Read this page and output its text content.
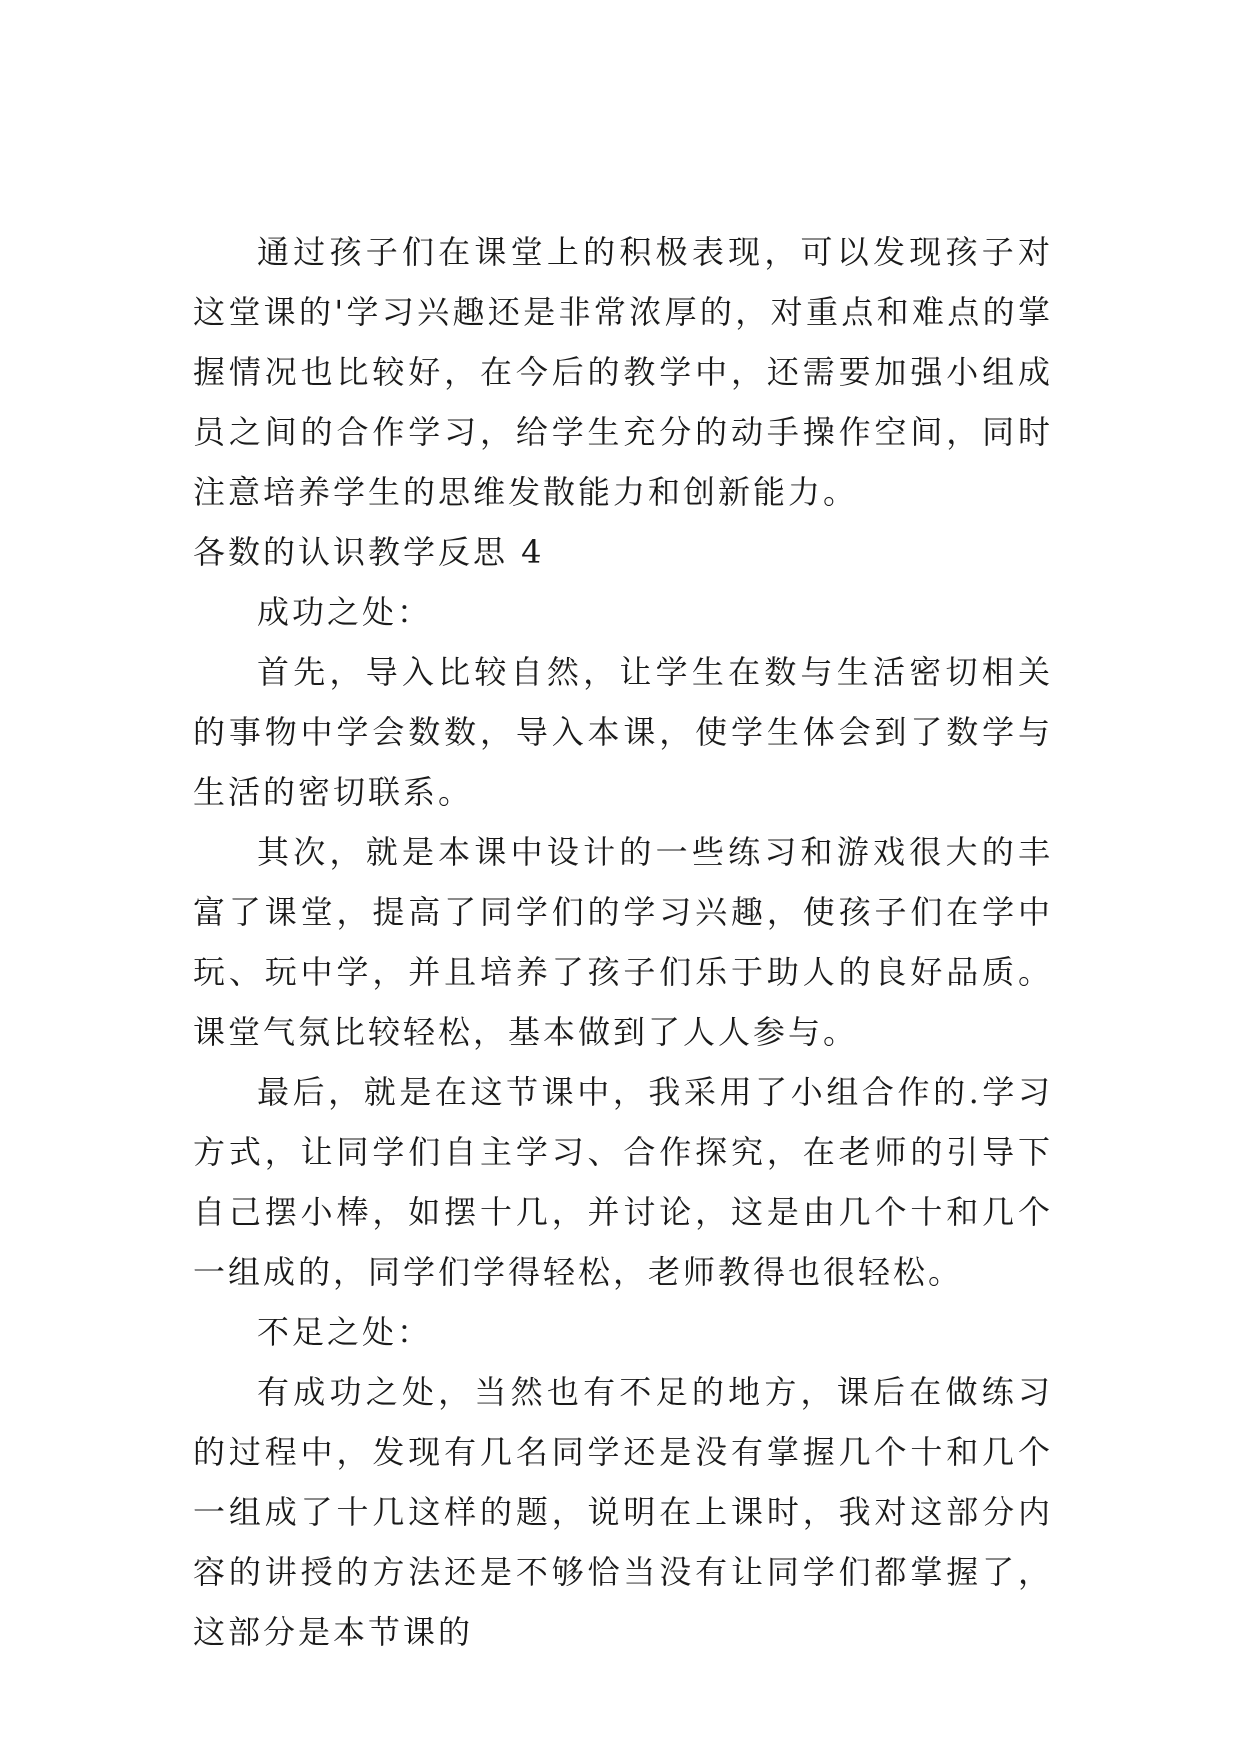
通过孩子们在课堂上的积极表现，可以发现孩子对这堂课的'学习兴趣还是非常浓厚的，对重点和难点的掌握情况也比较好，在今后的教学中，还需要加强小组成员之间的合作学习，给学生充分的动手操作空间，同时注意培养学生的思维发散能力和创新能力。

各数的认识教学反思 4

成功之处：

首先，导入比较自然，让学生在数与生活密切相关的事物中学会数数，导入本课，使学生体会到了数学与生活的密切联系。

其次，就是本课中设计的一些练习和游戏很大的丰富了课堂，提高了同学们的学习兴趣，使孩子们在学中玩、玩中学，并且培养了孩子们乐于助人的良好品质。课堂气氛比较轻松，基本做到了人人参与。

最后，就是在这节课中，我采用了小组合作的.学习方式，让同学们自主学习、合作探究，在老师的引导下自己摆小棒，如摆十几，并讨论，这是由几个十和几个一组成的，同学们学得轻松，老师教得也很轻松。

不足之处：

有成功之处，当然也有不足的地方，课后在做练习的过程中，发现有几名同学还是没有掌握几个十和几个一组成了十几这样的题，说明在上课时，我对这部分内容的讲授的方法还是不够恰当没有让同学们都掌握了，这部分是本节课的
